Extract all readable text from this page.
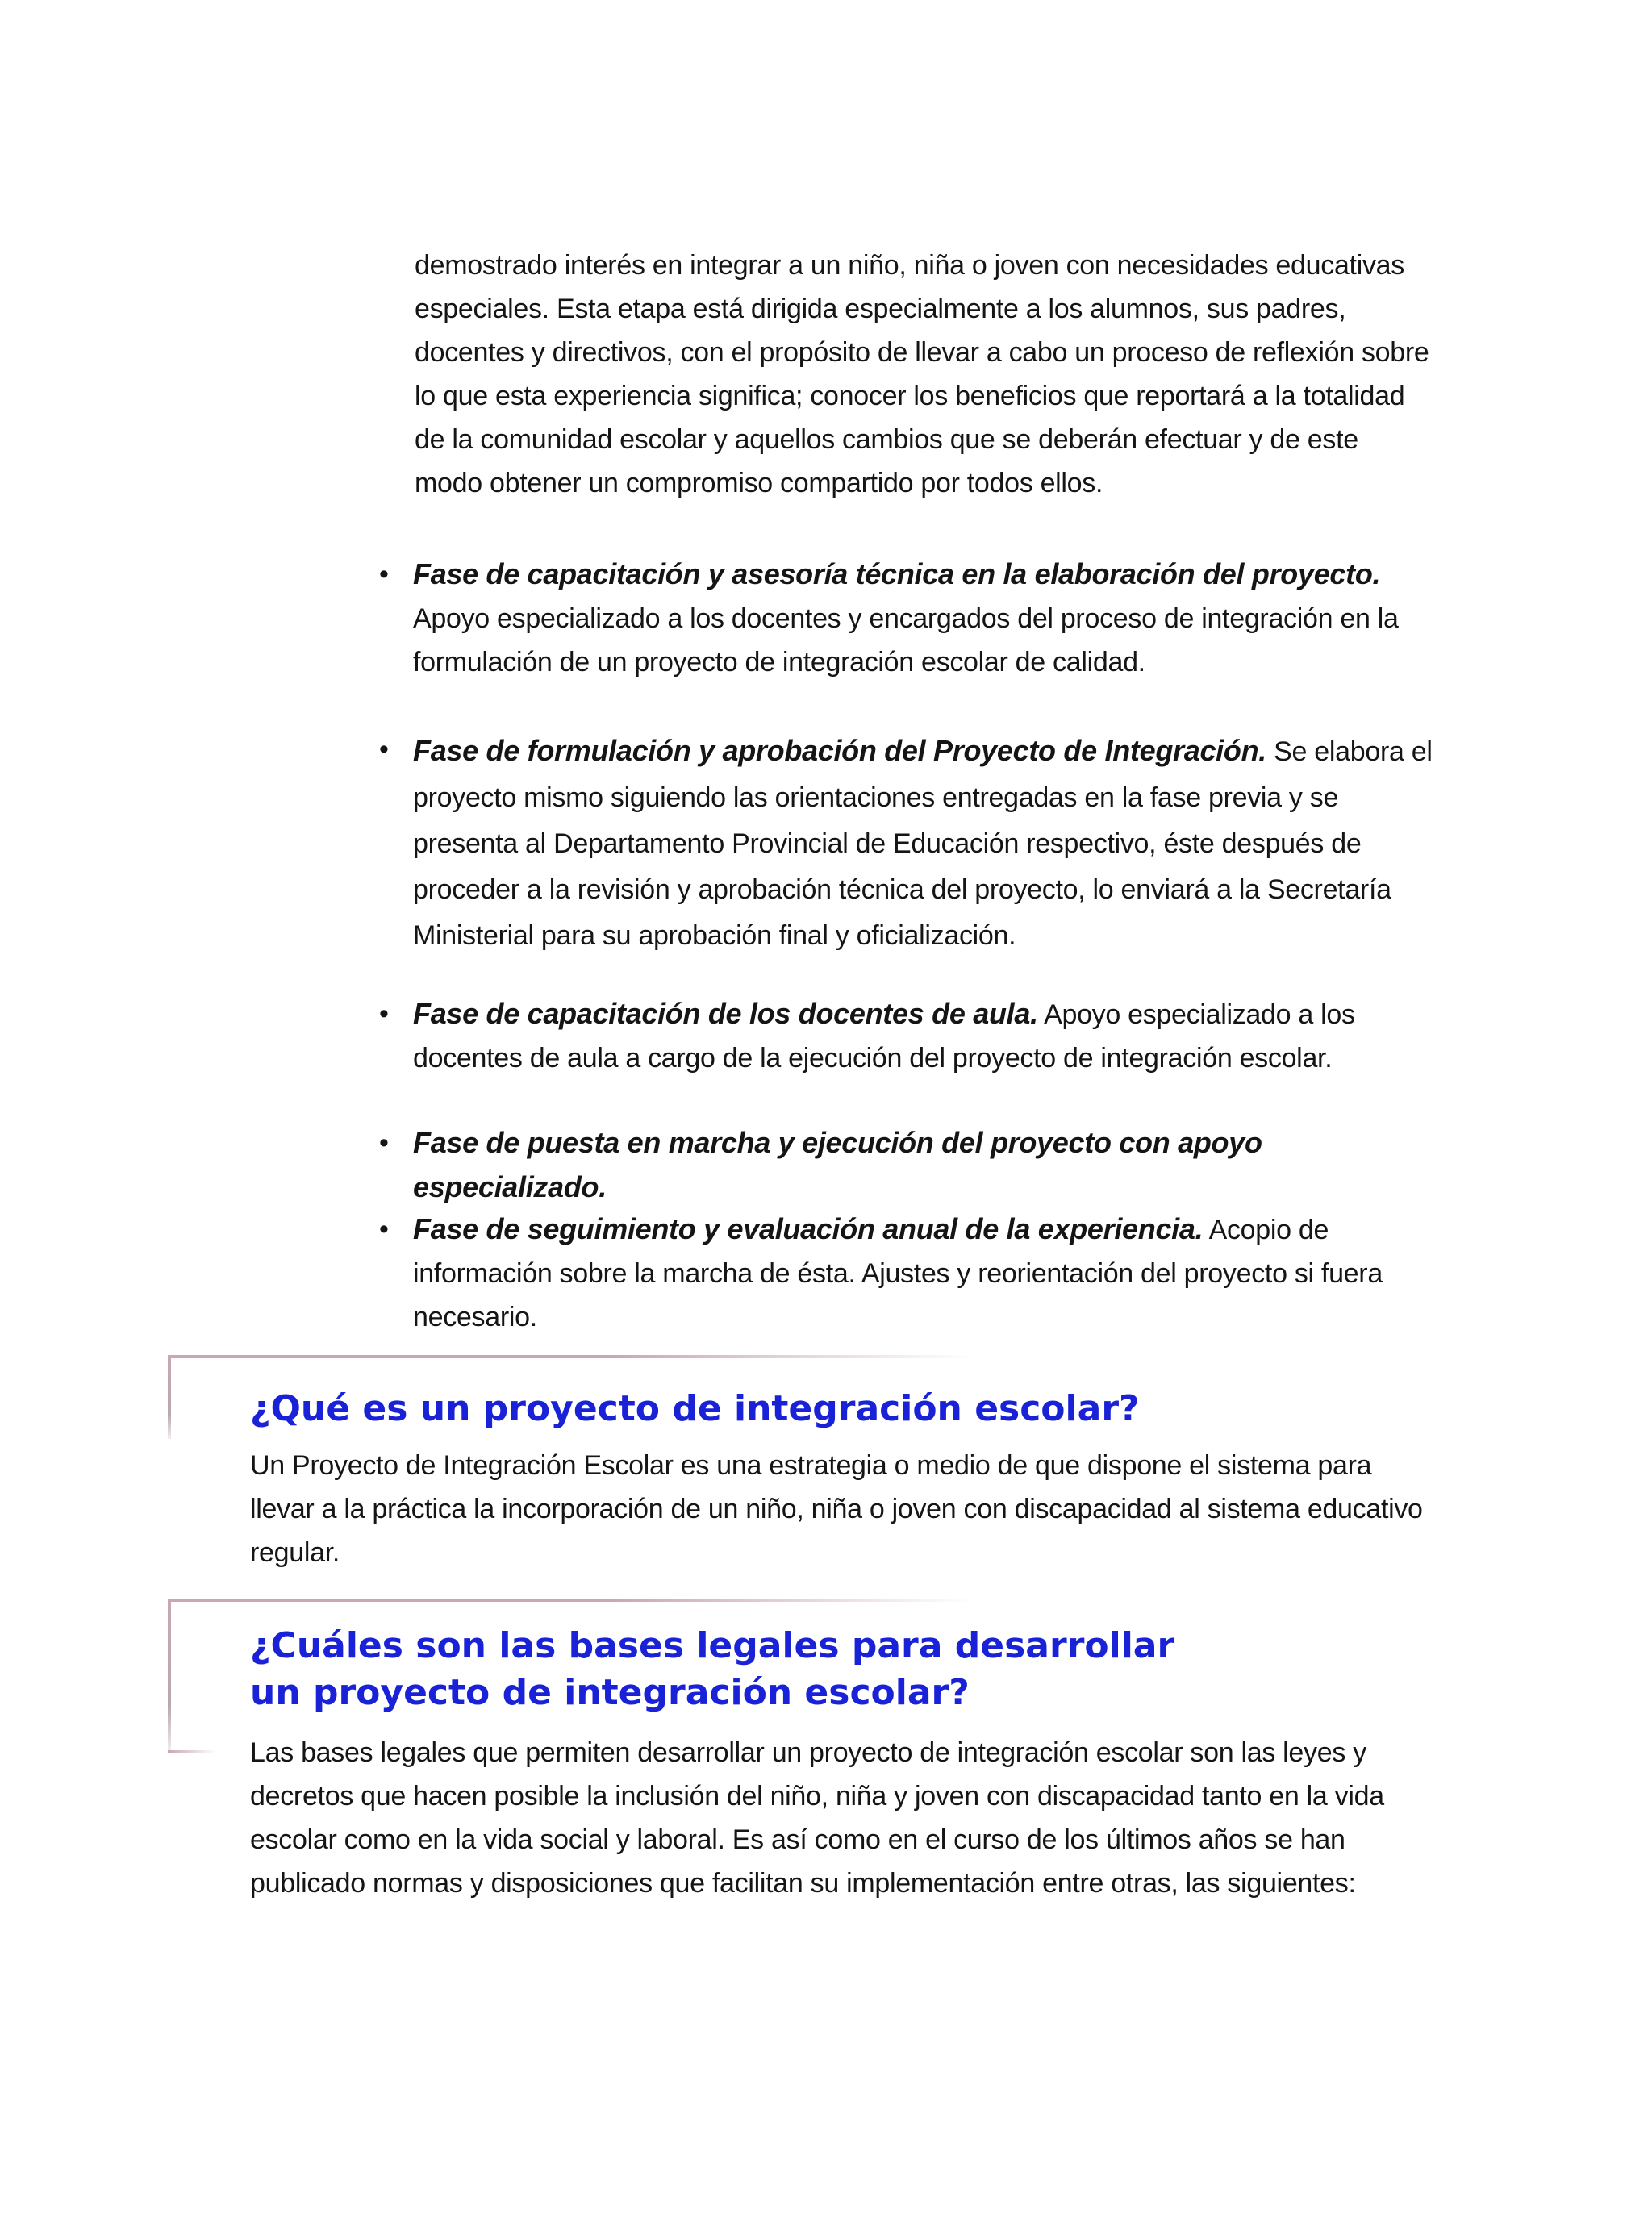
demostrado interés en integrar a un niño, niña o joven con necesidades educativas especiales. Esta etapa está dirigida especialmente a los alumnos, sus padres, docentes y directivos, con el propósito de llevar a cabo un proceso de reflexión sobre lo que esta experiencia significa; conocer los beneficios que reportará a la totalidad de la comunidad escolar y aquellos cambios que se deberán efectuar y de este modo obtener un compromiso compartido por todos ellos.

• Fase de capacitación y asesoría técnica en la elaboración del proyecto. Apoyo especializado a los docentes y encargados del proceso de integración en la formulación de un proyecto de integración escolar de calidad.
• Fase de formulación y aprobación del Proyecto de Integración. Se elabora el proyecto mismo siguiendo las orientaciones entregadas en la fase previa y se presenta al Departamento Provincial de Educación respectivo, éste después de proceder a la revisión y aprobación técnica del proyecto, lo enviará a la Secretaría Ministerial para su aprobación final y oficialización.
• Fase de capacitación de los docentes de aula. Apoyo especializado a los docentes de aula a cargo de la ejecución del proyecto de integración escolar.
• Fase de puesta en marcha y ejecución del proyecto con apoyo especializado.
• Fase de seguimiento y evaluación anual de la experiencia. Acopio de información sobre la marcha de ésta. Ajustes y reorientación del proyecto si fuera necesario.
¿Qué es un proyecto de integración escolar?

Un Proyecto de Integración Escolar es una estrategia o medio de que dispone el sistema para llevar a la práctica la incorporación de un niño, niña o joven con discapacidad al sistema educativo regular.

¿Cuáles son las bases legales para desarrollar
un proyecto de integración escolar?

Las bases legales que permiten desarrollar un proyecto de integración escolar son las leyes y decretos que hacen posible la inclusión del niño, niña y joven con discapacidad tanto en la vida escolar como en la vida social y laboral. Es así como en el curso de los últimos años se han publicado normas y disposiciones que facilitan su implementación entre otras, las siguientes:
